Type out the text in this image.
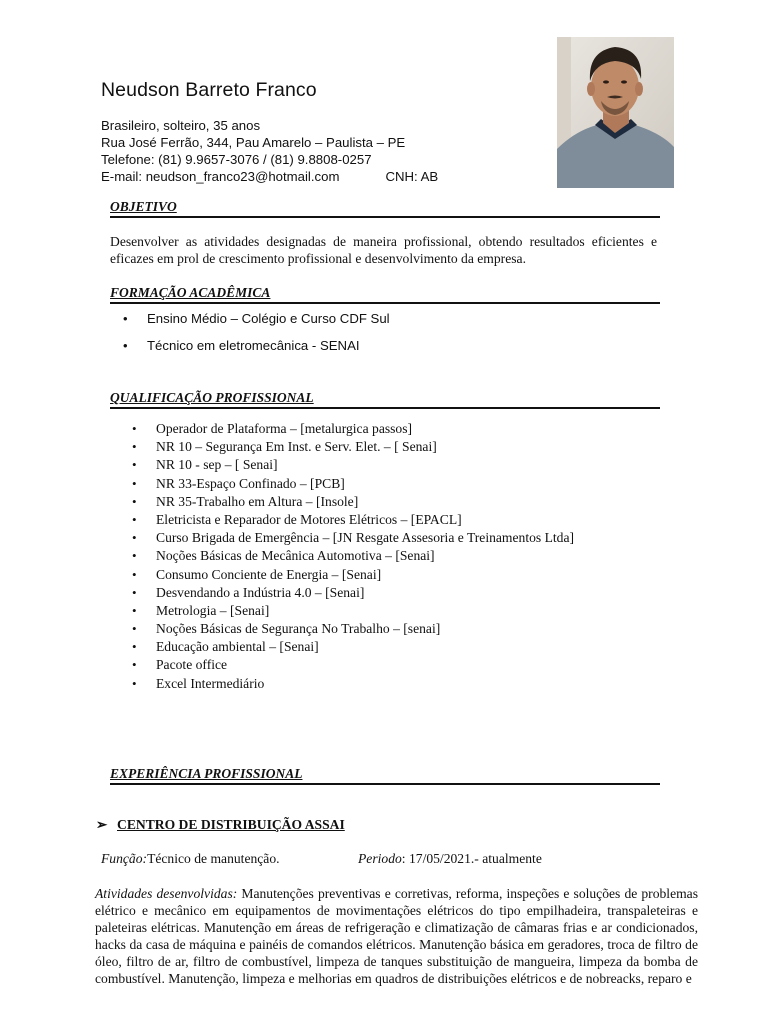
Neudson Barreto Franco
Brasileiro, solteiro, 35 anos
Rua José Ferrão, 344, Pau Amarelo – Paulista – PE
Telefone: (81) 9.9657-3076 / (81) 9.8808-0257
E-mail: neudson_franco23@hotmail.com	CNH: AB
OBJETIVO
Desenvolver as atividades designadas de maneira profissional, obtendo resultados eficientes e eficazes em prol de crescimento profissional e desenvolvimento da empresa.
FORMAÇÃO ACADÊMICA
• Ensino Médio – Colégio e Curso CDF Sul
• Técnico em eletromecânica - SENAI
QUALIFICAÇÃO PROFISSIONAL
• Operador de Plataforma – [metalurgica passos]
• NR 10 – Segurança Em Inst. e Serv. Elet. – [ Senai]
• NR 10 - sep – [ Senai]
• NR 33-Espaço Confinado – [PCB]
• NR 35-Trabalho em Altura – [Insole]
• Eletricista e Reparador de Motores Elétricos – [EPACL]
• Curso Brigada de Emergência – [JN Resgate Assesoria e Treinamentos Ltda]
• Noções Básicas de Mecânica Automotiva – [Senai]
• Consumo Conciente de Energia – [Senai]
• Desvendando a Indústria 4.0 – [Senai]
• Metrologia – [Senai]
• Noções Básicas de Segurança No Trabalho – [senai]
• Educação ambiental – [Senai]
• Pacote office
• Excel Intermediário
EXPERIÊNCIA PROFISSIONAL
➢ CENTRO DE DISTRIBUIÇÃO ASSAI
Função:Técnico de manutenção.	Periodo: 17/05/2021.- atualmente
Atividades desenvolvidas: Manutenções preventivas e corretivas, reforma, inspeções e soluções de problemas elétrico e mecânico em equipamentos de movimentações elétricos do tipo empilhadeira, transpaleteiras e paleteiras elétricas. Manutenção em áreas de refrigeração e climatização de câmaras frias e ar condicionados, hacks da casa de máquina e painéis de comandos elétricos. Manutenção básica em geradores, troca de filtro de óleo, filtro de ar, filtro de combustível, limpeza de tanques substituição de mangueira, limpeza da bomba de combustível. Manutenção, limpeza e melhorias em quadros de distribuições elétricos e de nobreacks, reparo e
